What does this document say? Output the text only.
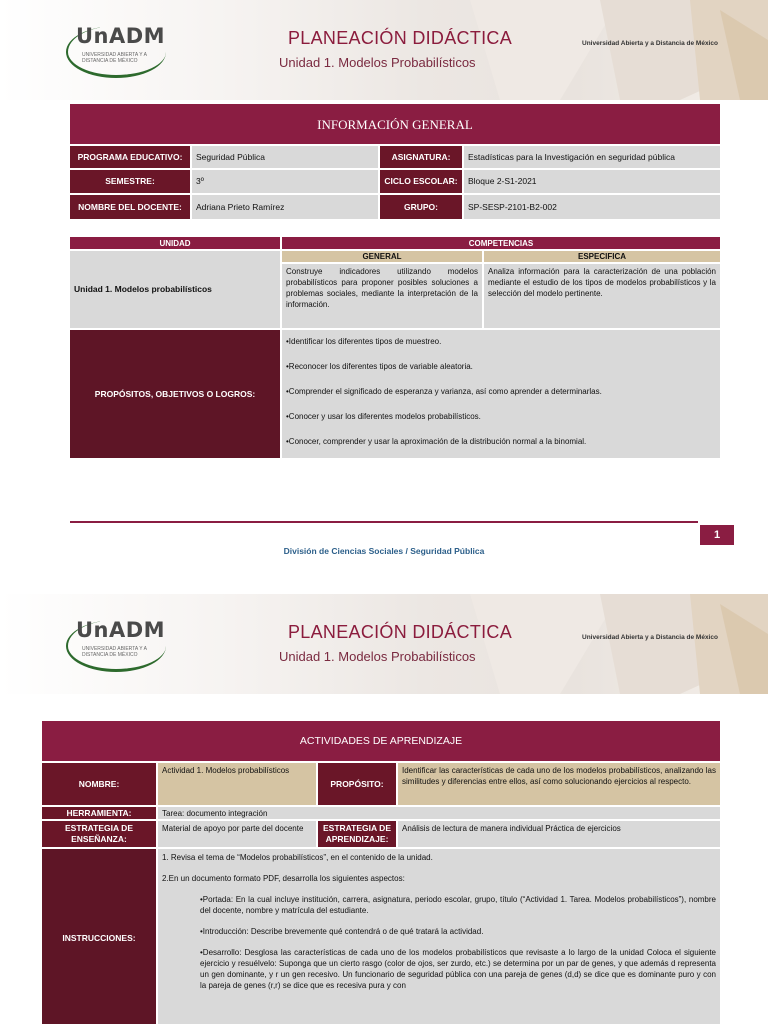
UnADM
UNIVERSIDAD ABIERTA Y A DISTANCIA DE MÉXICO
PLANEACIÓN DIDÁCTICA
Unidad 1. Modelos Probabilísticos
Universidad Abierta y a Distancia de México
INFORMACIÓN GENERAL			
PROGRAMA EDUCATIVO:	Seguridad Pública	ASIGNATURA:	Estadísticas para la Investigación en seguridad pública
SEMESTRE:	3º	CICLO ESCOLAR:	Bloque 2-S1-2021
NOMBRE DEL DOCENTE:	Adriana Prieto Ramírez	GRUPO:	SP-SESP-2101-B2-002
UNIDAD	COMPETENCIAS	
Unidad 1. Modelos probabilísticos	GENERAL	ESPECIFICA
	Construye indicadores utilizando modelos probabilísticos para proponer posibles soluciones a problemas sociales, mediante la interpretación de la información.	Analiza información para la caracterización de una población mediante el estudio de los tipos de modelos probabilísticos y la selección del modelo pertinente.
PROPÓSITOS, OBJETIVOS O LOGROS:	•Identificar los diferentes tipos de muestreo.
•Reconocer los diferentes tipos de variable aleatoria.
•Comprender el significado de esperanza y varianza, así como aprender a determinarlas.
•Conocer y usar los diferentes modelos probabilísticos.
•Conocer, comprender y usar la aproximación de la distribución normal a la binomial.	
1
División de Ciencias Sociales / Seguridad Pública
UnADM
UNIVERSIDAD ABIERTA Y A DISTANCIA DE MÉXICO
PLANEACIÓN DIDÁCTICA
Unidad 1. Modelos Probabilísticos
Universidad Abierta y a Distancia de México
ACTIVIDADES DE APRENDIZAJE			
NOMBRE:	Actividad 1. Modelos probabilísticos	PROPÓSITO:	Identificar las características de cada uno de los modelos probabilísticos, analizando las similitudes y diferencias entre ellos, así como solucionando ejercicios al respecto.
HERRAMIENTA:	Tarea: documento integración		
ESTRATEGIA DE ENSEÑANZA:	Material de apoyo por parte del docente	ESTRATEGIA DE APRENDIZAJE:	Análisis de lectura de manera individual Práctica de ejercicios
INSTRUCCIONES:	1. Revisa el tema de “Modelos probabilísticos”, en el contenido de la unidad.
2.En un documento formato PDF, desarrolla los siguientes aspectos:
•Portada: En la cual incluye institución, carrera, asignatura, periodo escolar, grupo, título (“Actividad 1. Tarea. Modelos probabilísticos”), nombre del docente, nombre y matrícula del estudiante.
•Introducción: Describe brevemente qué contendrá o de qué tratará la actividad.
•Desarrollo: Desglosa las características de cada uno de los modelos probabilísticos que revisaste a lo largo de la unidad Coloca el siguiente ejercicio y resuélvelo: Suponga que un cierto rasgo (color de ojos, ser zurdo, etc.) se determina por un par de genes, y que además d representa un gen dominante, y r un gen recesivo. Un funcionario de seguridad pública con una pareja de genes (d,d) se dice que es dominante puro y con la pareja de genes (r,r) se dice que es recesiva pura y con		
